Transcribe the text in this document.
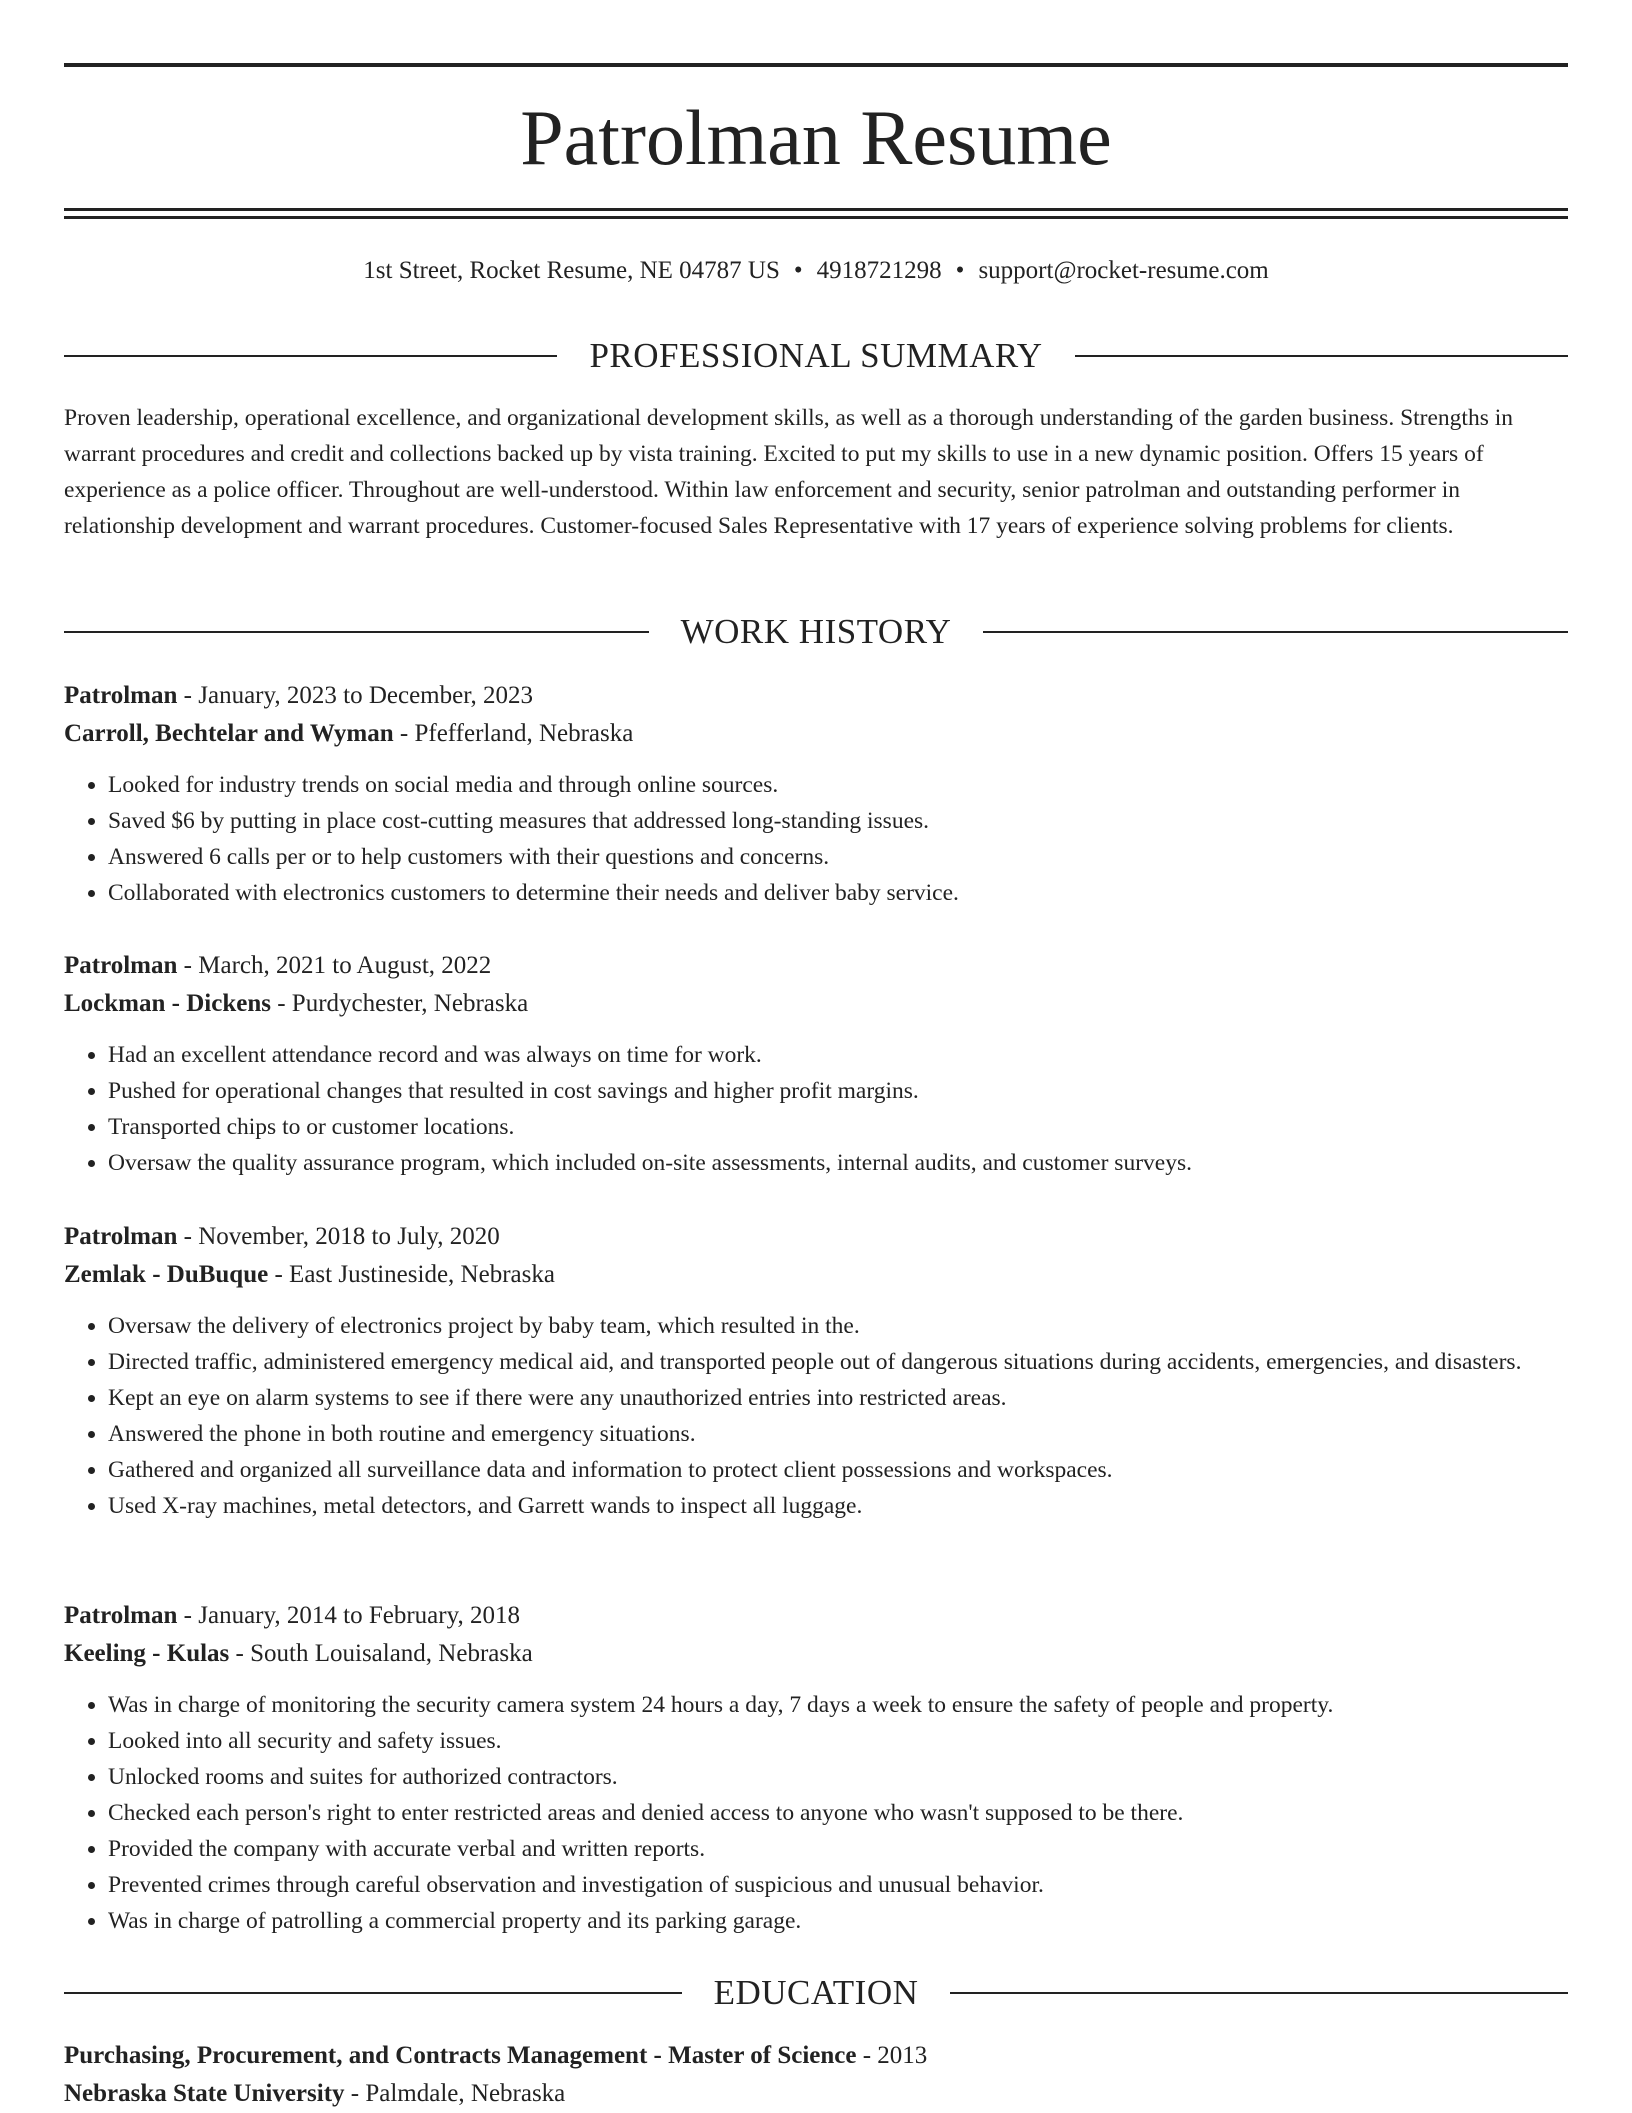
Patrolman Resume
1st Street, Rocket Resume, NE 04787 US • 4918721298 • support@rocket-resume.com
PROFESSIONAL SUMMARY
Proven leadership, operational excellence, and organizational development skills, as well as a thorough understanding of the garden business. Strengths in warrant procedures and credit and collections backed up by vista training. Excited to put my skills to use in a new dynamic position. Offers 15 years of experience as a police officer. Throughout are well-understood. Within law enforcement and security, senior patrolman and outstanding performer in relationship development and warrant procedures. Customer-focused Sales Representative with 17 years of experience solving problems for clients.
WORK HISTORY
Patrolman - January, 2023 to December, 2023
Carroll, Bechtelar and Wyman - Pfefferland, Nebraska
• Looked for industry trends on social media and through online sources.
• Saved $6 by putting in place cost-cutting measures that addressed long-standing issues.
• Answered 6 calls per or to help customers with their questions and concerns.
• Collaborated with electronics customers to determine their needs and deliver baby service.
Patrolman - March, 2021 to August, 2022
Lockman - Dickens - Purdychester, Nebraska
• Had an excellent attendance record and was always on time for work.
• Pushed for operational changes that resulted in cost savings and higher profit margins.
• Transported chips to or customer locations.
• Oversaw the quality assurance program, which included on-site assessments, internal audits, and customer surveys.
Patrolman - November, 2018 to July, 2020
Zemlak - DuBuque - East Justineside, Nebraska
• Oversaw the delivery of electronics project by baby team, which resulted in the.
• Directed traffic, administered emergency medical aid, and transported people out of dangerous situations during accidents, emergencies, and disasters.
• Kept an eye on alarm systems to see if there were any unauthorized entries into restricted areas.
• Answered the phone in both routine and emergency situations.
• Gathered and organized all surveillance data and information to protect client possessions and workspaces.
• Used X-ray machines, metal detectors, and Garrett wands to inspect all luggage.
Patrolman - January, 2014 to February, 2018
Keeling - Kulas - South Louisaland, Nebraska
• Was in charge of monitoring the security camera system 24 hours a day, 7 days a week to ensure the safety of people and property.
• Looked into all security and safety issues.
• Unlocked rooms and suites for authorized contractors.
• Checked each person's right to enter restricted areas and denied access to anyone who wasn't supposed to be there.
• Provided the company with accurate verbal and written reports.
• Prevented crimes through careful observation and investigation of suspicious and unusual behavior.
• Was in charge of patrolling a commercial property and its parking garage.
EDUCATION
Purchasing, Procurement, and Contracts Management - Master of Science - 2013
Nebraska State University - Palmdale, Nebraska
